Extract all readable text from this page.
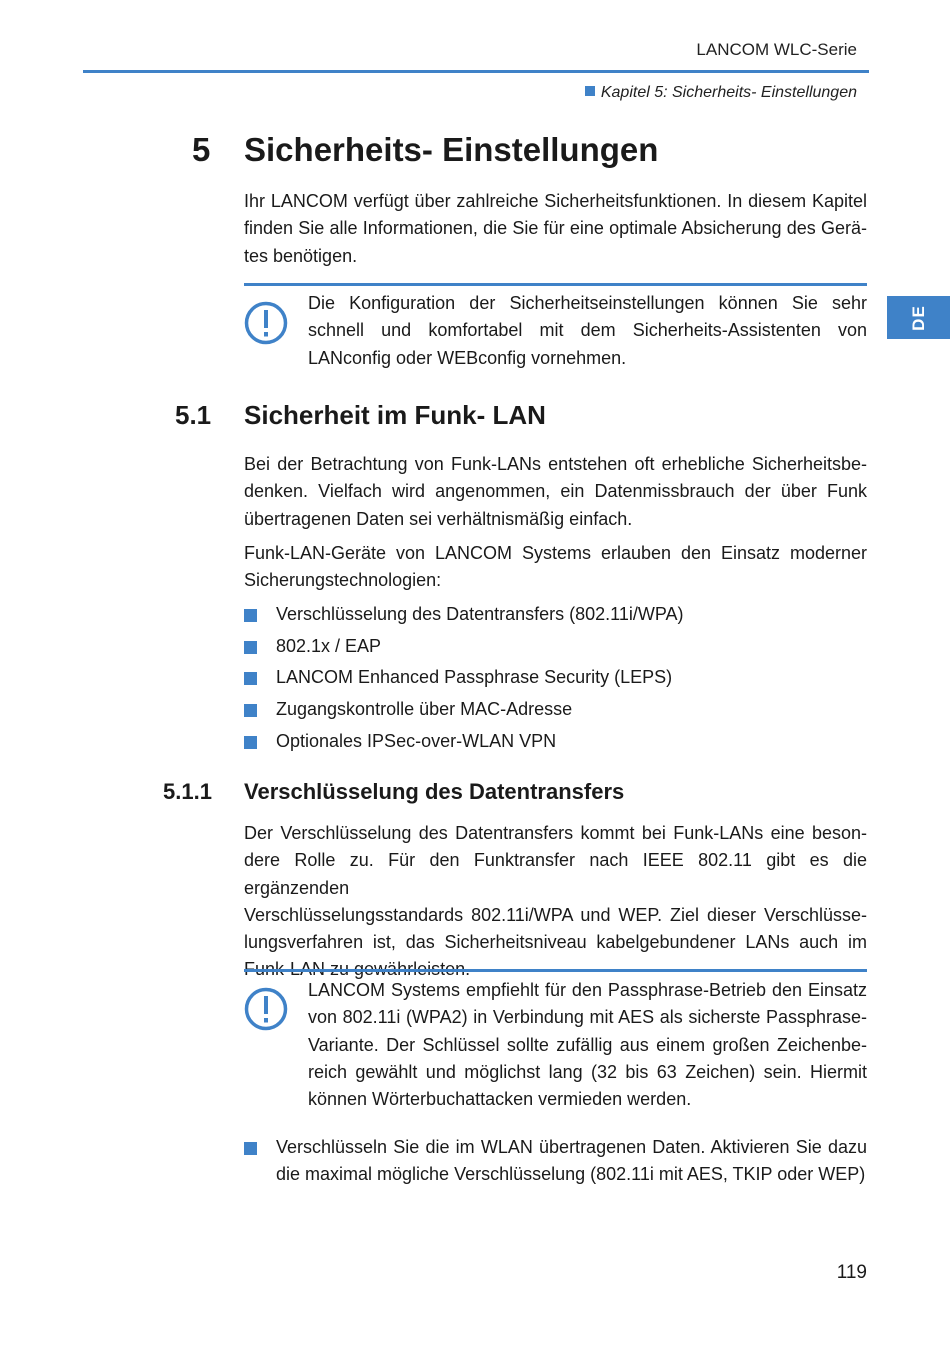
LANCOM WLC-Serie
Kapitel 5: Sicherheits- Einstellungen
DE
5 Sicherheits- Einstellungen
Ihr LANCOM verfügt über zahlreiche Sicherheitsfunktionen. In diesem Kapitel
finden Sie alle Informationen, die Sie für eine optimale Absicherung des Gerä-
tes benötigen.
Die Konfiguration der Sicherheitseinstellungen können Sie sehr
schnell und komfortabel mit dem Sicherheits-Assistenten von
LANconfig oder WEBconfig vornehmen.
5.1 Sicherheit im Funk- LAN
Bei der Betrachtung von Funk-LANs entstehen oft erhebliche Sicherheitsbe-
denken. Vielfach wird angenommen, ein Datenmissbrauch der über Funk
übertragenen Daten sei verhältnismäßig einfach.
Funk-LAN-Geräte von LANCOM Systems erlauben den Einsatz moderner
Sicherungstechnologien:
Verschlüsselung des Datentransfers (802.11i/WPA)
802.1x / EAP
LANCOM Enhanced Passphrase Security (LEPS)
Zugangskontrolle über MAC-Adresse
Optionales IPSec-over-WLAN VPN
5.1.1 Verschlüsselung des Datentransfers
Der Verschlüsselung des Datentransfers kommt bei Funk-LANs eine beson-
dere Rolle zu. Für den Funktransfer nach IEEE 802.11 gibt es die ergänzenden
Verschlüsselungsstandards 802.11i/WPA und WEP. Ziel dieser Verschlüsse-
lungsverfahren ist, das Sicherheitsniveau kabelgebundener LANs auch im
LANCOM Systems empfiehlt für den Passphrase-Betrieb den Einsatz
von 802.11i (WPA2) in Verbindung mit AES als sicherste Passphrase-
Variante. Der Schlüssel sollte zufällig aus einem großen Zeichenbe-
reich gewählt und möglichst lang (32 bis 63 Zeichen) sein. Hiermit
können Wörterbuchattacken vermieden werden.
Verschlüsseln Sie die im WLAN übertragenen Daten. Aktivieren Sie dazu
die maximal mögliche Verschlüsselung (802.11i mit AES, TKIP oder WEP)
119
